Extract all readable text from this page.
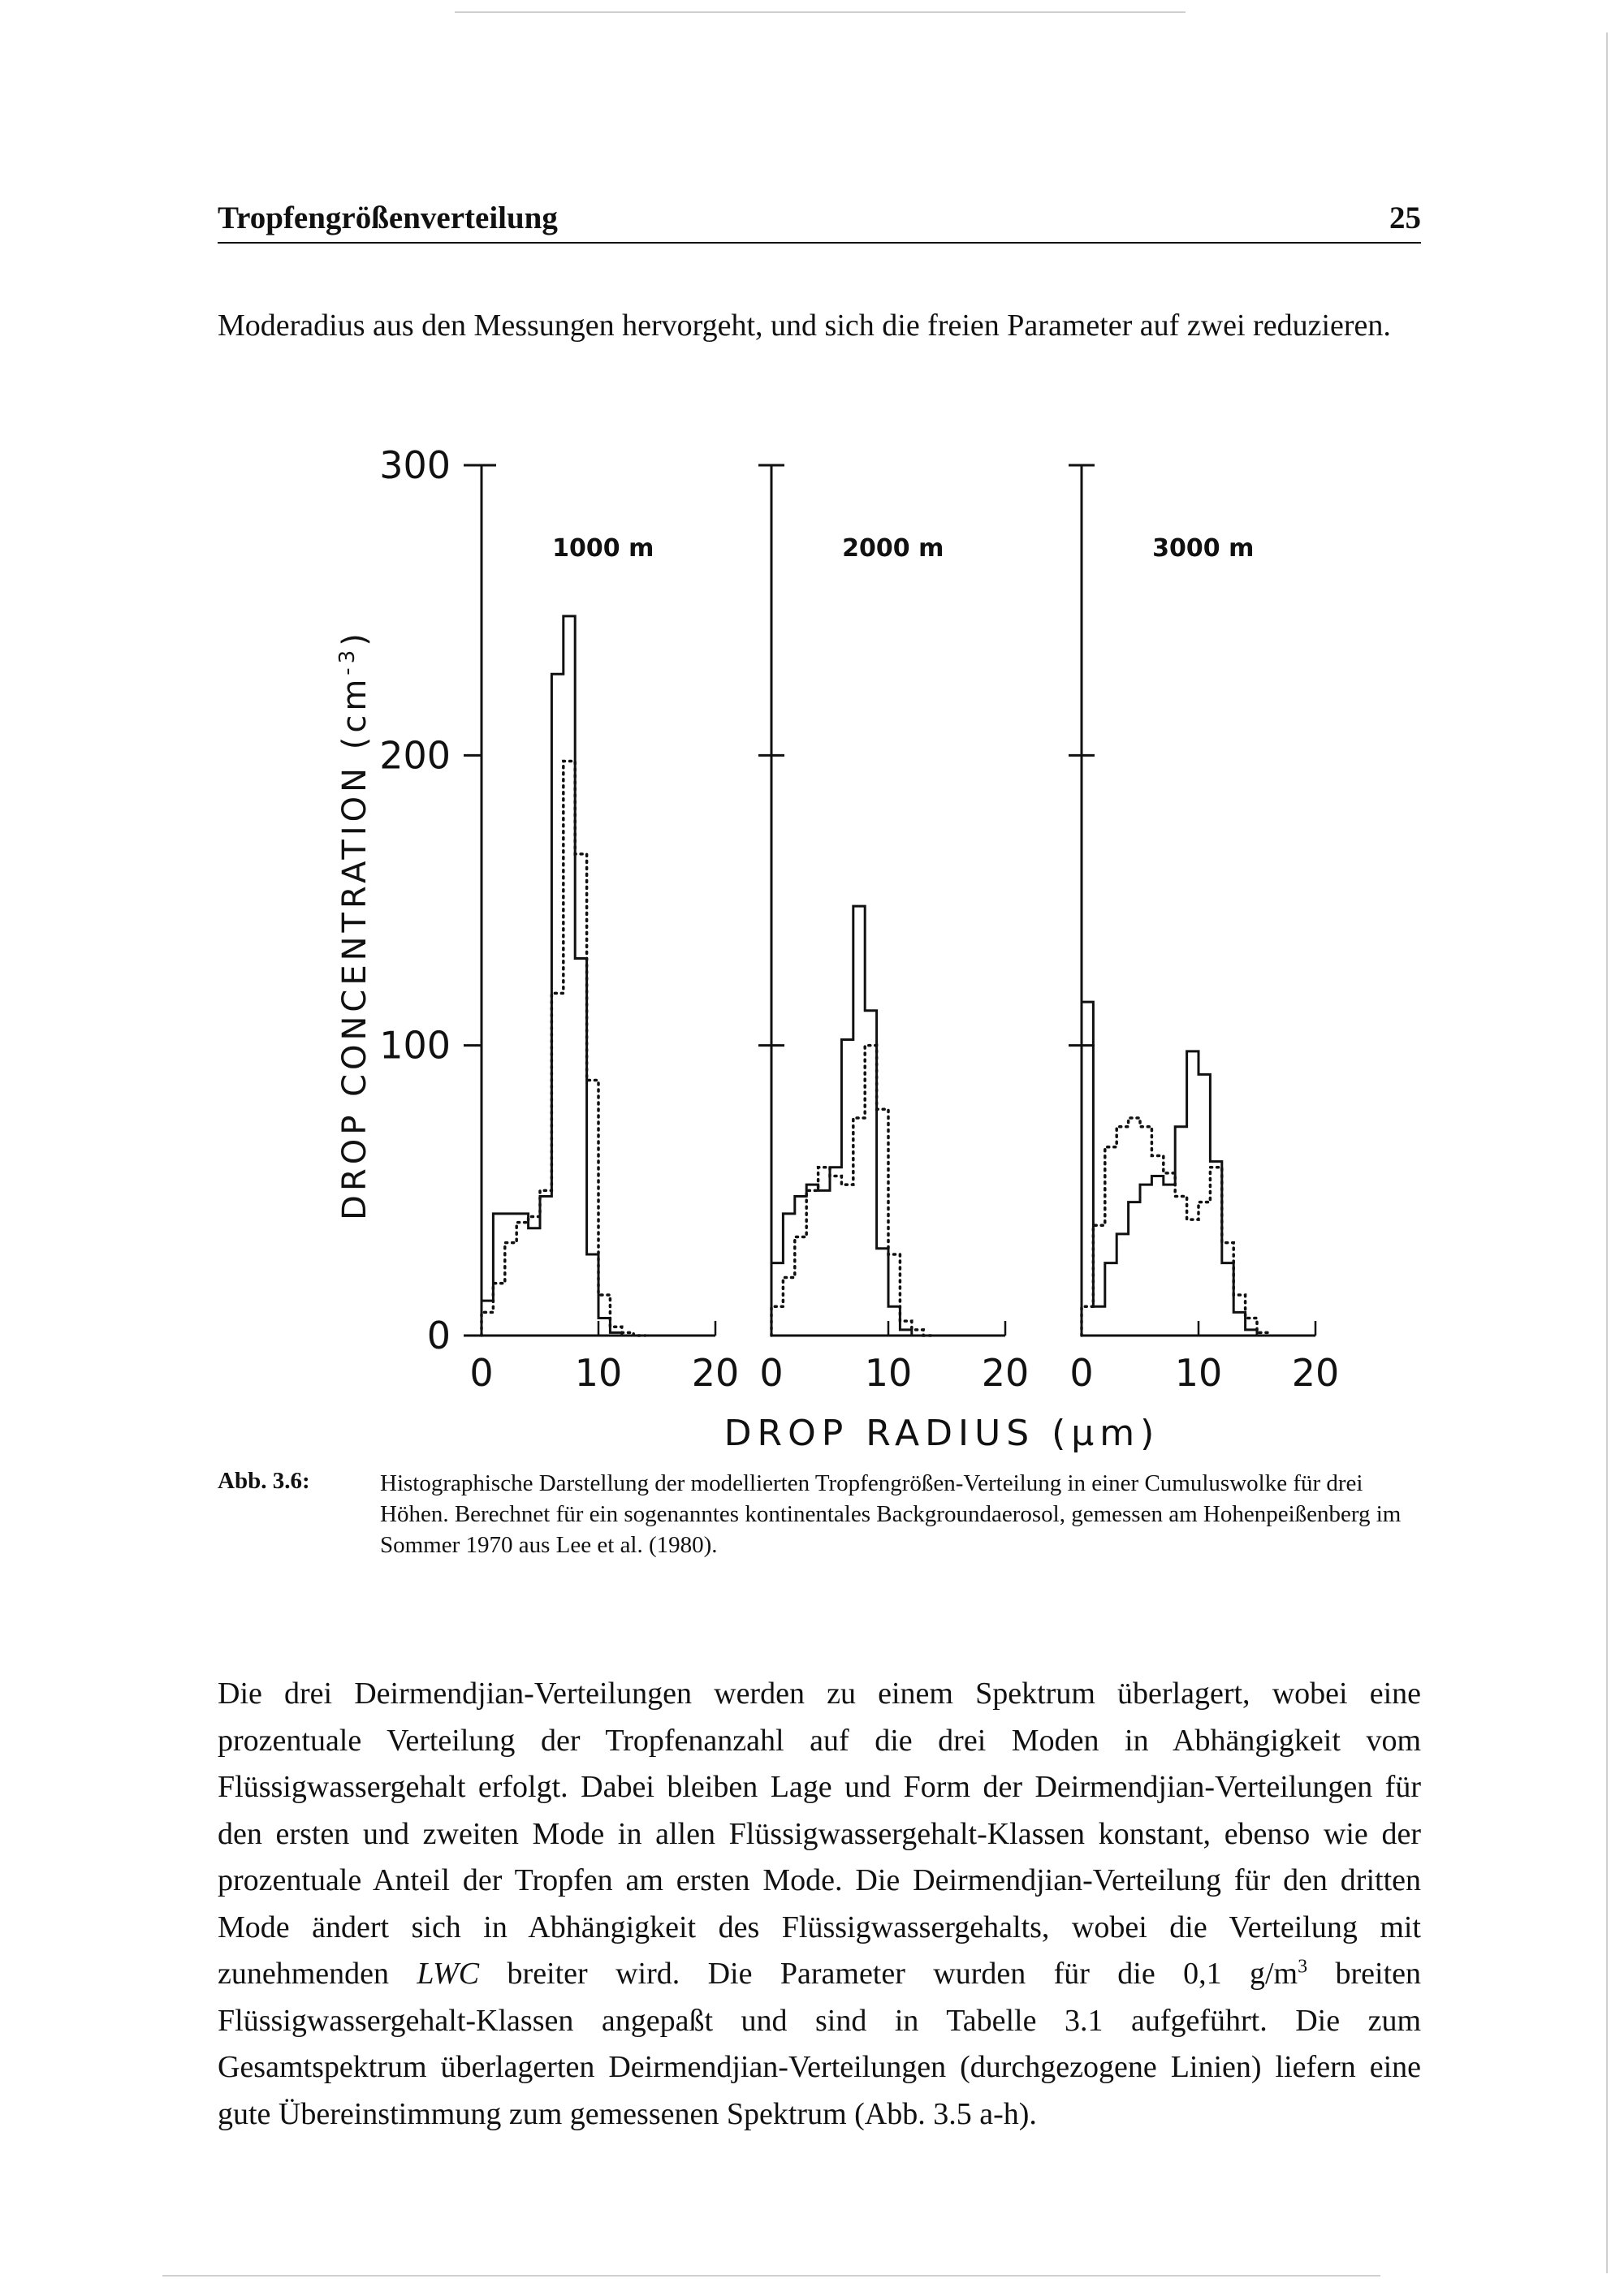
Tropfengrößenverteilung	25
Moderadius aus den Messungen hervorgeht, und sich die freien Parameter auf zwei reduzieren.
0
100
200
300
0 10 20
1000 m
0 10 20
2000 m
0 10 20
3000 m
DROP CONCENTRATION $(cm^{-3})$
DROP RADIUS (µm)
Abb. 3.6:	Histographische Darstellung der modellierten Tropfengrößen-Verteilung in einer Cumuluswolke für drei Höhen. Berechnet für ein sogenanntes kontinentales Backgroundaerosol, gemessen am Hohenpeißenberg im Sommer 1970 aus Lee et al. (1980).

Die drei Deirmendjian-Verteilungen werden zu einem Spektrum überlagert, wobei eine prozentuale Verteilung der Tropfenanzahl auf die drei Moden in Abhängigkeit vom Flüssigwassergehalt erfolgt. Dabei bleiben Lage und Form der Deirmendjian-Verteilungen für den ersten und zweiten Mode in allen Flüssigwassergehalt-Klassen konstant, ebenso wie der prozentuale Anteil der Tropfen am ersten Mode. Die Deirmendjian-Verteilung für den dritten Mode ändert sich in Abhängigkeit des Flüssigwassergehalts, wobei die Verteilung mit zunehmenden LWC breiter wird. Die Parameter wurden für die 0,1 $g/m^3$ breiten Flüssigwassergehalt-Klassen angepaßt und sind in Tabelle 3.1 aufgeführt. Die zum Gesamtspektrum überlagerten Deirmendjian-Verteilungen (durchgezogene Linien) liefern eine gute Übereinstimmung zum gemessenen Spektrum (Abb. 3.5 a-h).
